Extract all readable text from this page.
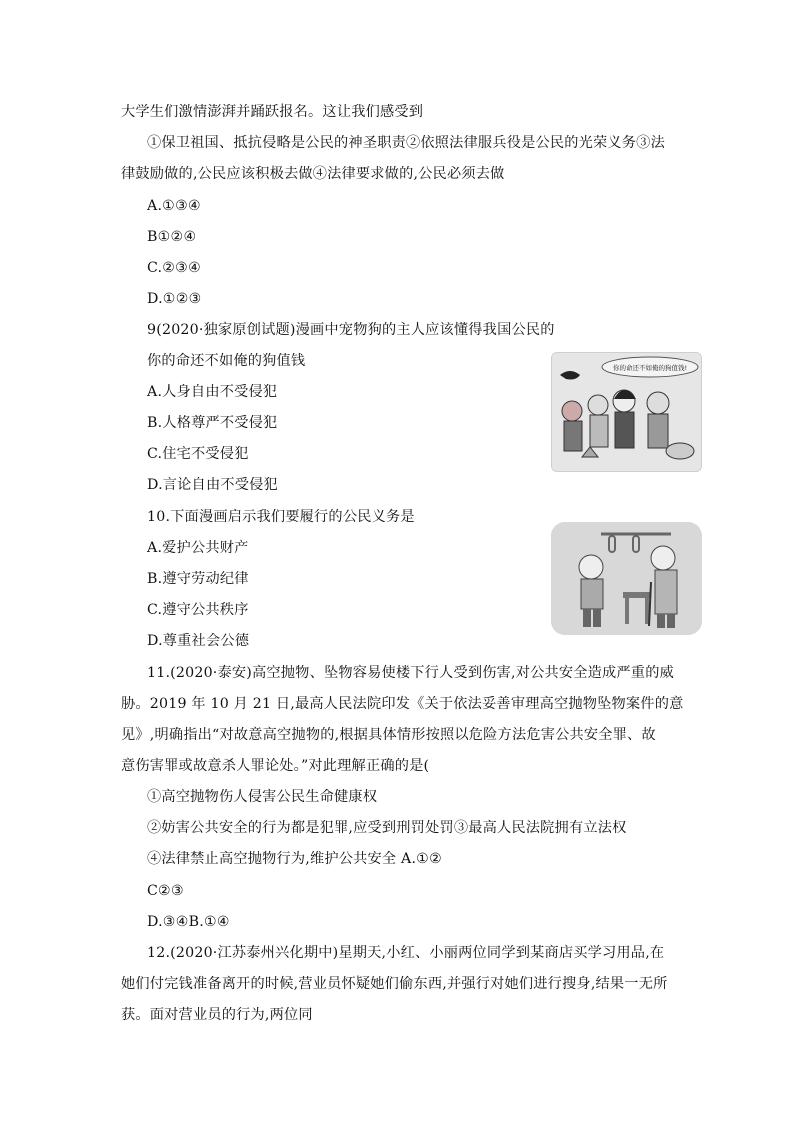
大学生们激情澎湃并踊跃报名。这让我们感受到
①保卫祖国、抵抗侵略是公民的神圣职责②依照法律服兵役是公民的光荣义务③法
律鼓励做的,公民应该积极去做④法律要求做的,公民必须去做
A.①③④
B①②④
C.②③④
D.①②③
9(2020·独家原创试题)漫画中宠物狗的主人应该懂得我国公民的
你的命还不如俺的狗值钱
A.人身自由不受侵犯
B.人格尊严不受侵犯
C.住宅不受侵犯
D.言论自由不受侵犯
10.下面漫画启示我们要履行的公民义务是
A.爱护公共财产
B.遵守劳动纪律
C.遵守公共秩序
D.尊重社会公德
11.(2020·泰安)高空抛物、坠物容易使楼下行人受到伤害,对公共安全造成严重的威
胁。2019 年 10 月 21 日,最高人民法院印发《关于依法妥善审理高空抛物坠物案件的意
见》,明确指出“对故意高空抛物的,根据具体情形按照以危险方法危害公共安全罪、故
意伤害罪或故意杀人罪论处。”对此理解正确的是(
①高空抛物伤人侵害公民生命健康权
②妨害公共安全的行为都是犯罪,应受到刑罚处罚③最高人民法院拥有立法权
④法律禁止高空抛物行为,维护公共安全 A.①②
C②③
D.③④B.①④
12.(2020·江苏泰州兴化期中)星期天,小红、小丽两位同学到某商店买学习用品,在
她们付完钱准备离开的时候,营业员怀疑她们偷东西,并强行对她们进行搜身,结果一无所
获。面对营业员的行为,两位同
你的命还不如俺的狗值钱!
